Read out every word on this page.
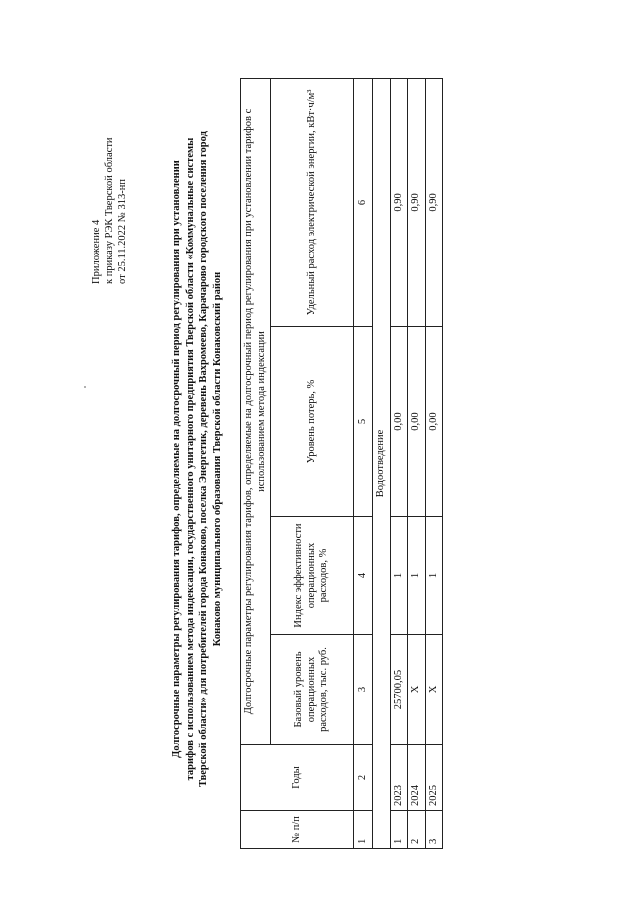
Приложение 4 к приказу РЭК Тверской области от 25.11.2022 № 313-нп	Долгосрочные параметры регулирования тарифов, определяемые на долгосрочный период регулирования при установлении тарифов с использованием метода индексации, государственного унитарного предприятия Тверской области «Коммунальные системы Тверской области» для потребителей города Конаково, поселка Энергетик, деревень Вахромеево, Карачарово городского поселения город Конаково муниципального образования Тверской области Конаковский район
№ п/п	Годы	Долгосрочные параметры регулирования тарифов, определяемые на долгосрочный период регулирования при установлении тарифов с использованием метода индексации			
		Базовый уровень операционных расходов, тыс. руб.	Индекс эффективности операционных расходов, %	Уровень потерь, %	Удельный расход электрической энергии, кВт·ч/м³
1	2	3	4	5	6
Водоотведение					
1	2023	25700,05	1	0,00	0,90
2	2024	X	1	0,00	0,90
3	2025	X	1	0,00	0,90
